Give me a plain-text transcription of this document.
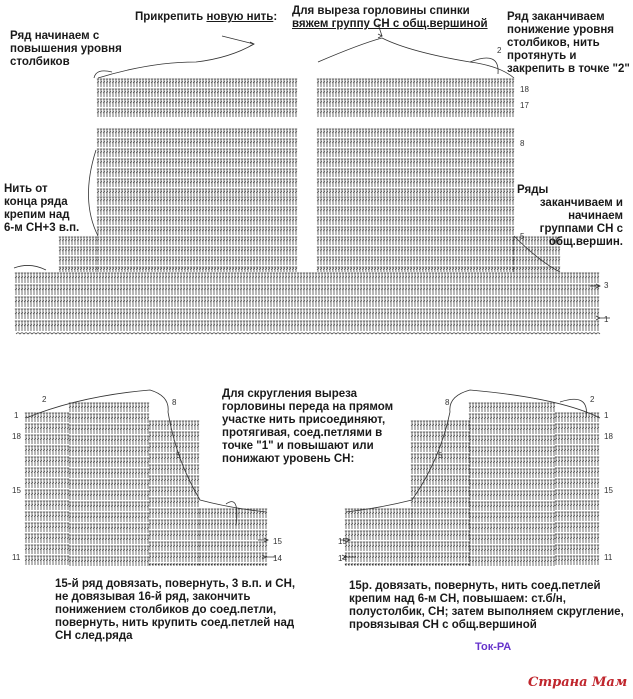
Прикрепить новую нить: Для выреза горловины спинки
вяжем группу СН с общ.вершиной
Ряд начинаем с
повышения уровня
столбиков
Ряд заканчиваем
понижение уровня
столбиков, нить
протянуть и
закрепить в точке "2"
Нить от
конца ряда
крепим над
6-м СН+3 в.п.
Ряды
заканчиваем и
начинаем
группами СН с
общ.вершин.
2
18
17
8
5
3
1
Для скругления выреза
горловины переда на прямом
участке нить присоединяют,
протягивая, соед.петлями в
точке "1" и повышают или
понижают уровень СН:
1
18
15
11
2	8
5
15
14
1
18
15
11
2
8
5
15
14
15-й ряд довязать, повернуть, 3 в.п. и СН,
не довязывая 16-й ряд, закончить
понижением столбиков до соед.петли,
повернуть, нить крупить соед.петлей над
СН след.ряда
15р. довязать, повернуть, нить соед.петлей
крепим над 6-м СН, повышаем: ст.б/н,
полустолбик, СН; затем выполняем скругление,
провязывая СН с общ.вершиной
Ток-РА
Страна Мам
